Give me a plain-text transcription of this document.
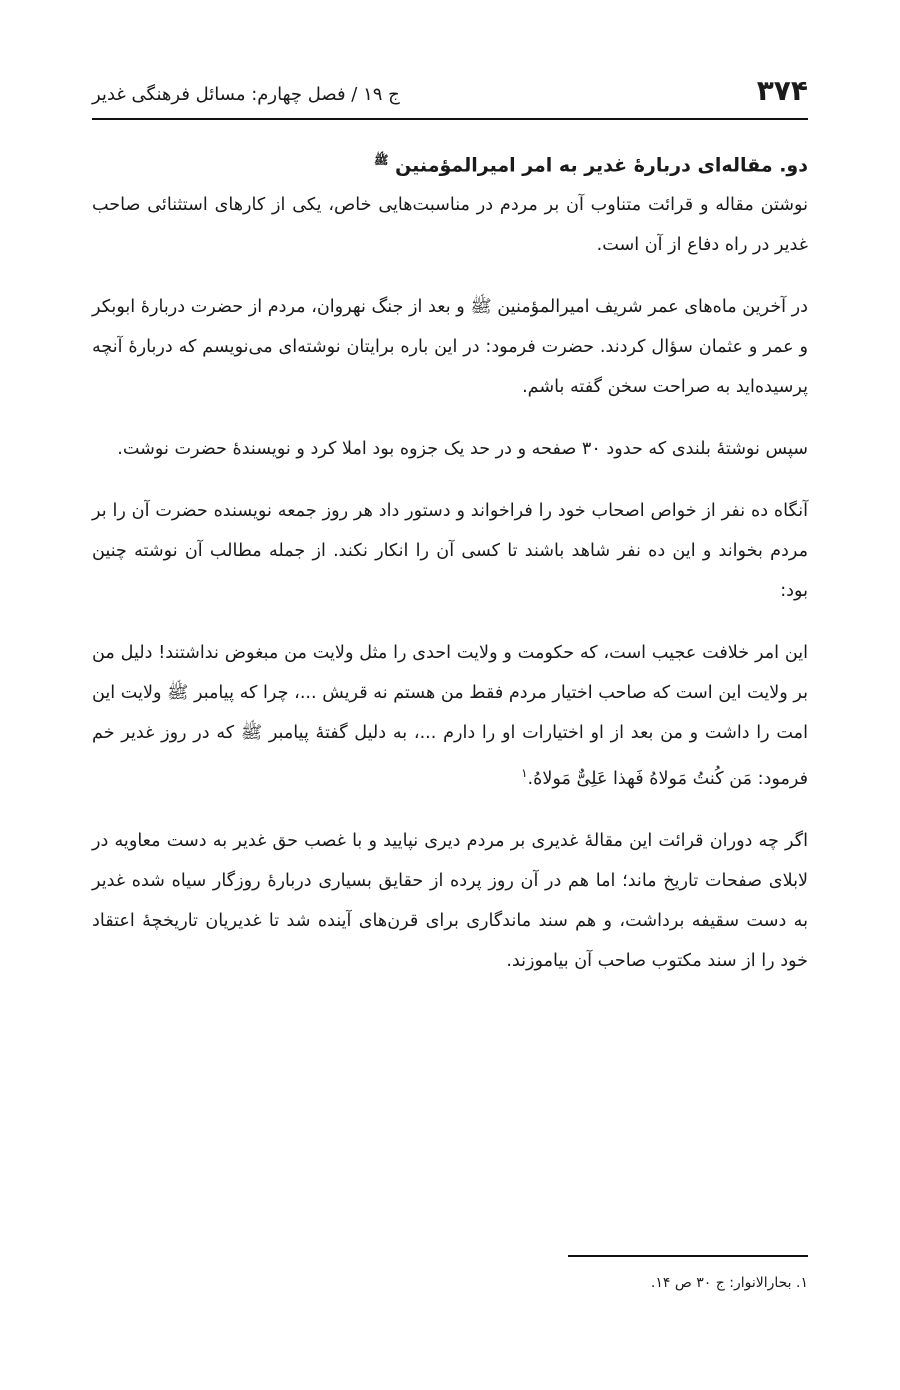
۳۷۴
ج ۱۹ / فصل چهارم: مسائل فرهنگی غدیر
دو. مقاله‌ای دربارۀ غدیر به امر امیرالمؤمنین $^ﷺ$

نوشتن مقاله و قرائت متناوب آن بر مردم در مناسبت‌هایی خاص، یکی از کارهای استثنائی صاحب غدیر در راه دفاع از آن است.

در آخرین ماه‌های عمر شریف امیرالمؤمنین ﷺ و بعد از جنگ نهروان، مردم از حضرت دربارۀ ابوبکر و عمر و عثمان سؤال کردند. حضرت فرمود: در این باره برایتان نوشته‌ای می‌نویسم که دربارۀ آنچه پرسیده‌اید به صراحت سخن گفته باشم.

سپس نوشتۀ بلندی که حدود ۳۰ صفحه و در حد یک جزوه بود املا کرد و نویسندۀ حضرت نوشت.

آنگاه ده نفر از خواص اصحاب خود را فراخواند و دستور داد هر روز جمعه نویسنده حضرت آن را بر مردم بخواند و این ده نفر شاهد باشند تا کسی آن را انکار نکند. از جمله مطالب آن نوشته چنین بود:

این امر خلافت عجیب است، که حکومت و ولایت احدی را مثل ولایت من مبغوض نداشتند! دلیل من بر ولایت این است که صاحب اختیار مردم فقط من هستم نه قریش ...، چرا که پیامبر ﷺ ولایت این امت را داشت و من بعد از او اختیارات او را دارم ...، به دلیل گفتۀ پیامبر ﷺ که در روز غدیر خم فرمود: مَن کُنتُ مَولاهُ فَهذا عَلِیٌّ مَولاهُ.$^۱$

اگر چه دوران قرائت این مقالۀ غدیری بر مردم دیری نپایید و با غصب حق غدیر به دست معاویه در لابلای صفحات تاریخ ماند؛ اما هم در آن روز پرده از حقایق بسیاری دربارۀ روزگار سیاه شده غدیر به دست سقیفه برداشت، و هم سند ماندگاری برای قرن‌های آینده شد تا غدیریان تاریخچۀ اعتقاد خود را از سند مکتوب صاحب آن بیاموزند.

۱. بحارالانوار: ج ۳۰ ص ۱۴.
